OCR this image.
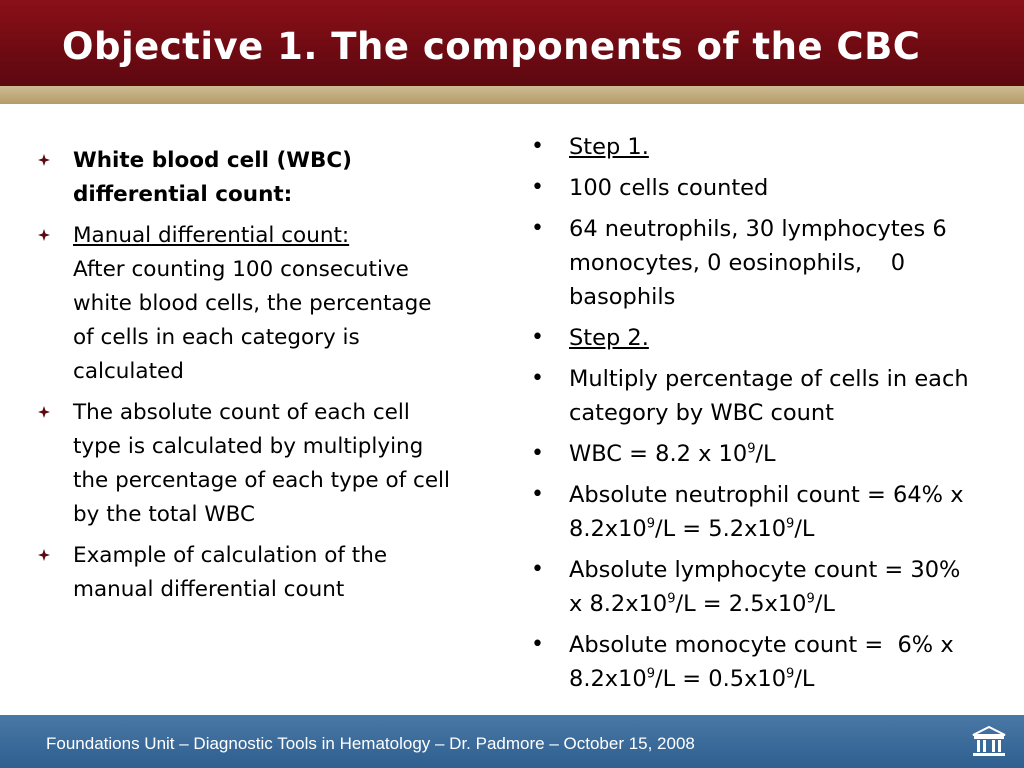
Objective 1. The components of the CBC
White blood cell (WBC) differential count:
Manual differential count:
After counting 100 consecutive white blood cells, the percentage of cells in each category is calculated
The absolute count of each cell type is calculated by multiplying the percentage of each type of cell by the total WBC
Example of calculation of the manual differential count
• Step 1.
• 100 cells counted
• 64 neutrophils, 30 lymphocytes 6 monocytes, 0 eosinophils,    0 basophils
• Step 2.
• Multiply percentage of cells in each category by WBC count
• WBC = 8.2 x $10^9/L$
• Absolute neutrophil count = 64% x $8.2x10^9/L = 5.2x10^9/L$
• Absolute lymphocyte count = 30% x $8.2x10^9/L = 2.5x10^9/L$
• Absolute monocyte count =  6% x $8.2x10^9/L = 0.5x10^9/L$
Foundations Unit – Diagnostic Tools in Hematology – Dr. Padmore – October 15, 2008
